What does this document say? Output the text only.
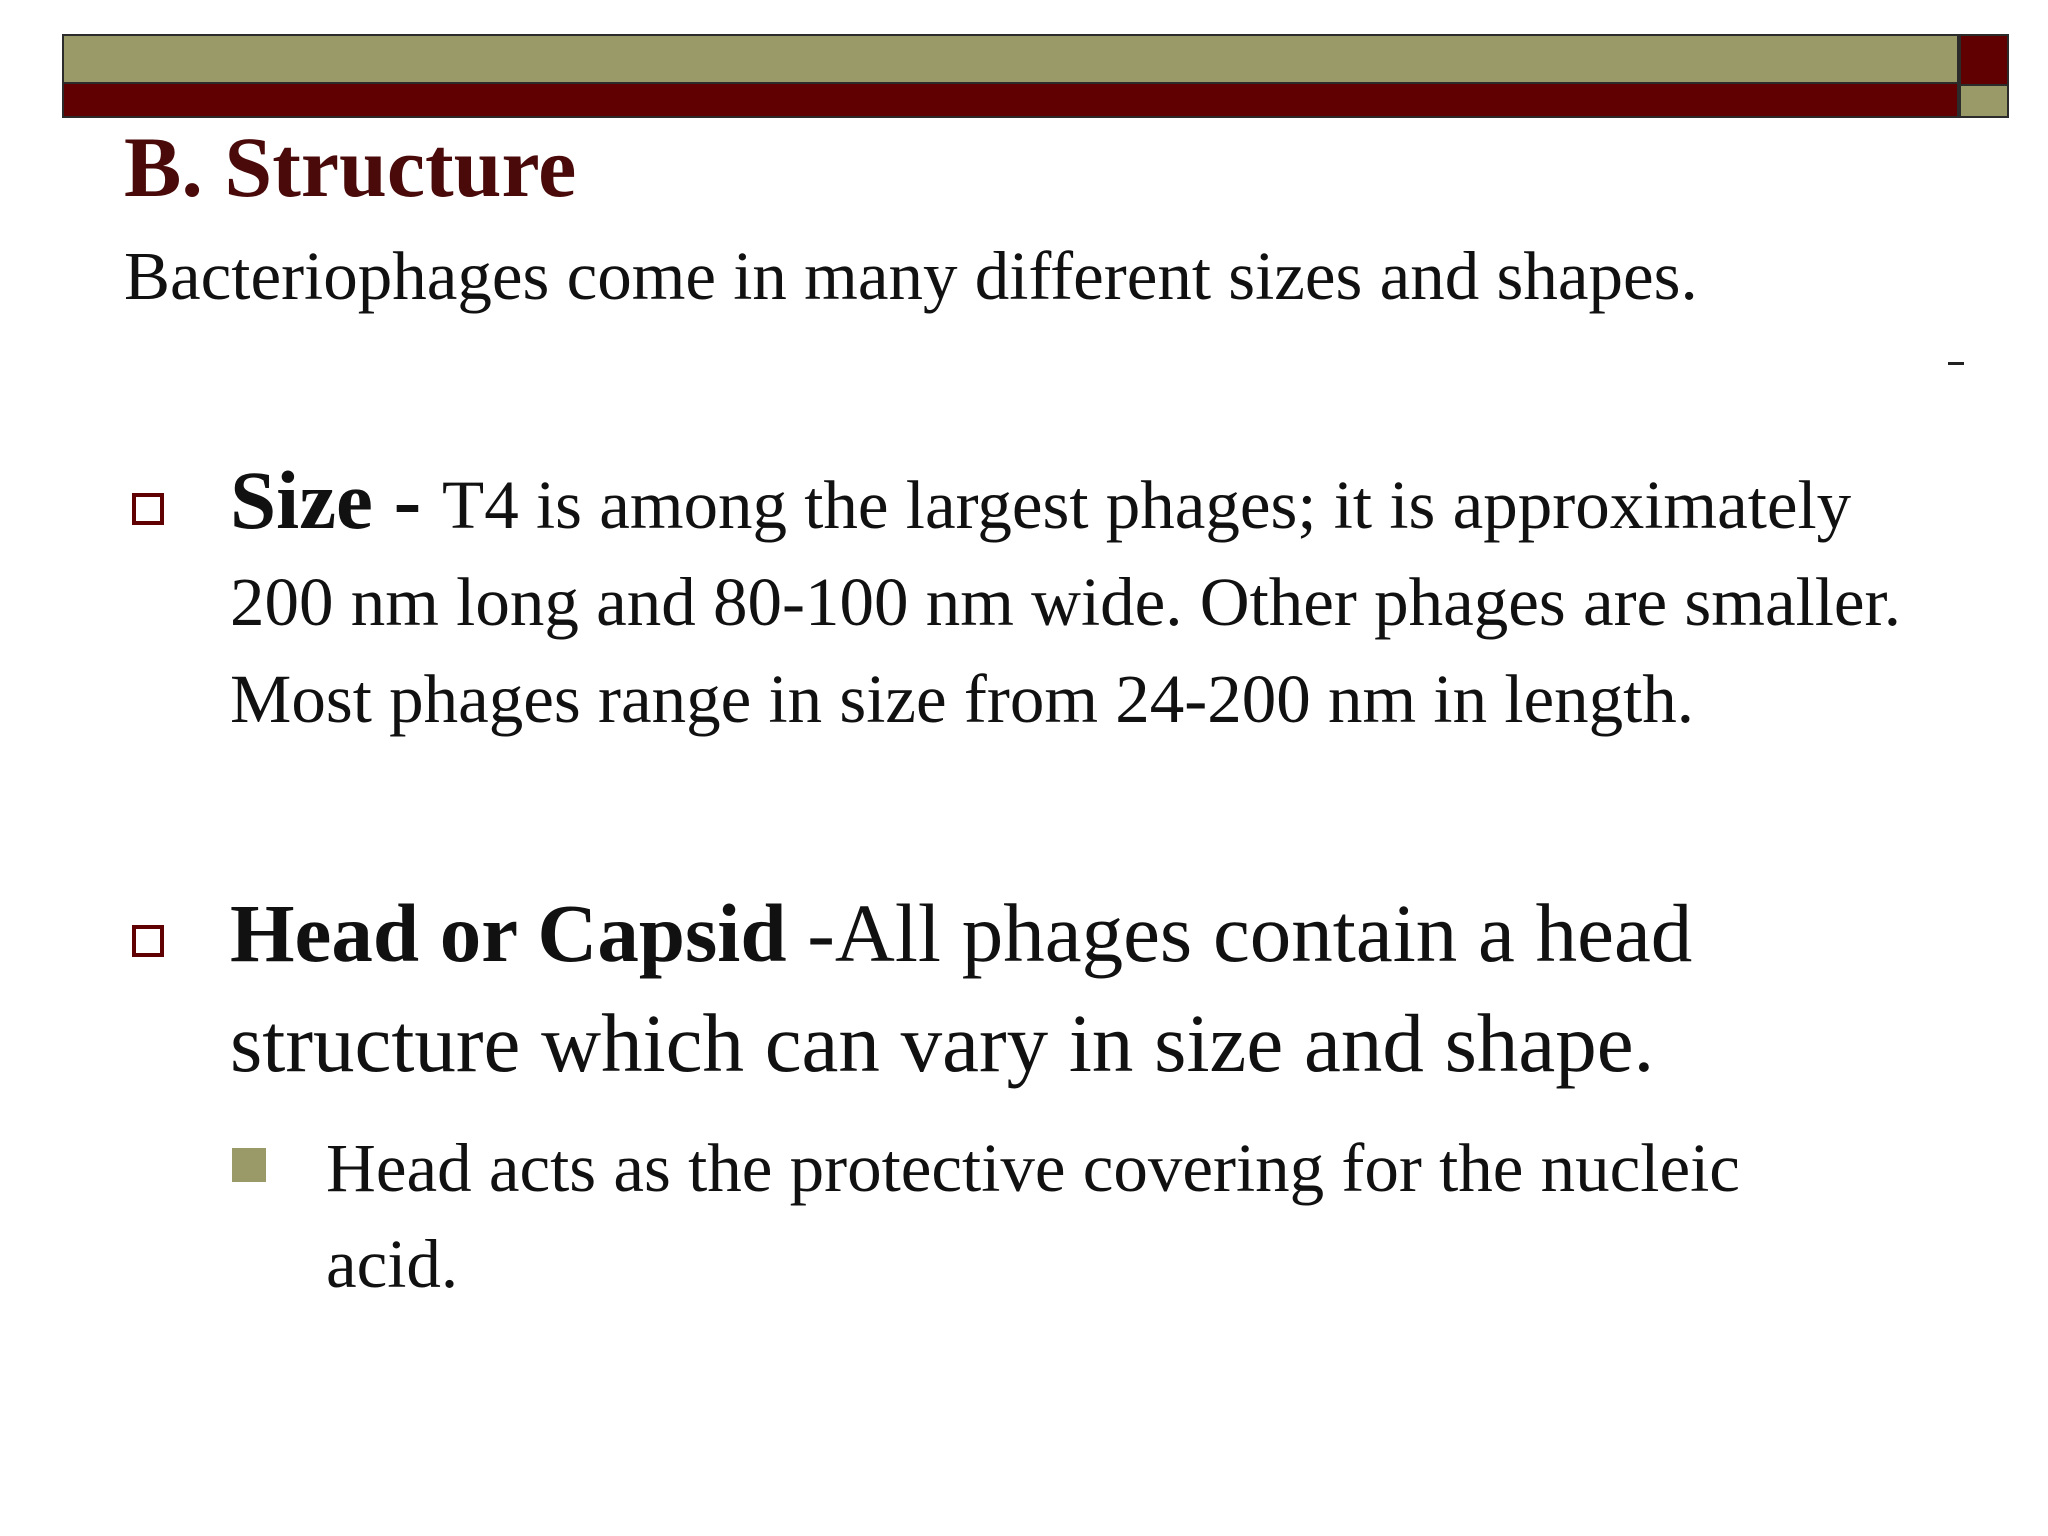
B. Structure

Bacteriophages come in many different sizes and shapes.

Size - T4 is among the largest phages; it is approximately 200 nm long and 80-100 nm wide. Other phages are smaller. Most phages range in size from 24-200 nm in length.

Head or Capsid -All phages contain a head structure which can vary in size and shape.

Head acts as the protective covering for the nucleic acid.
